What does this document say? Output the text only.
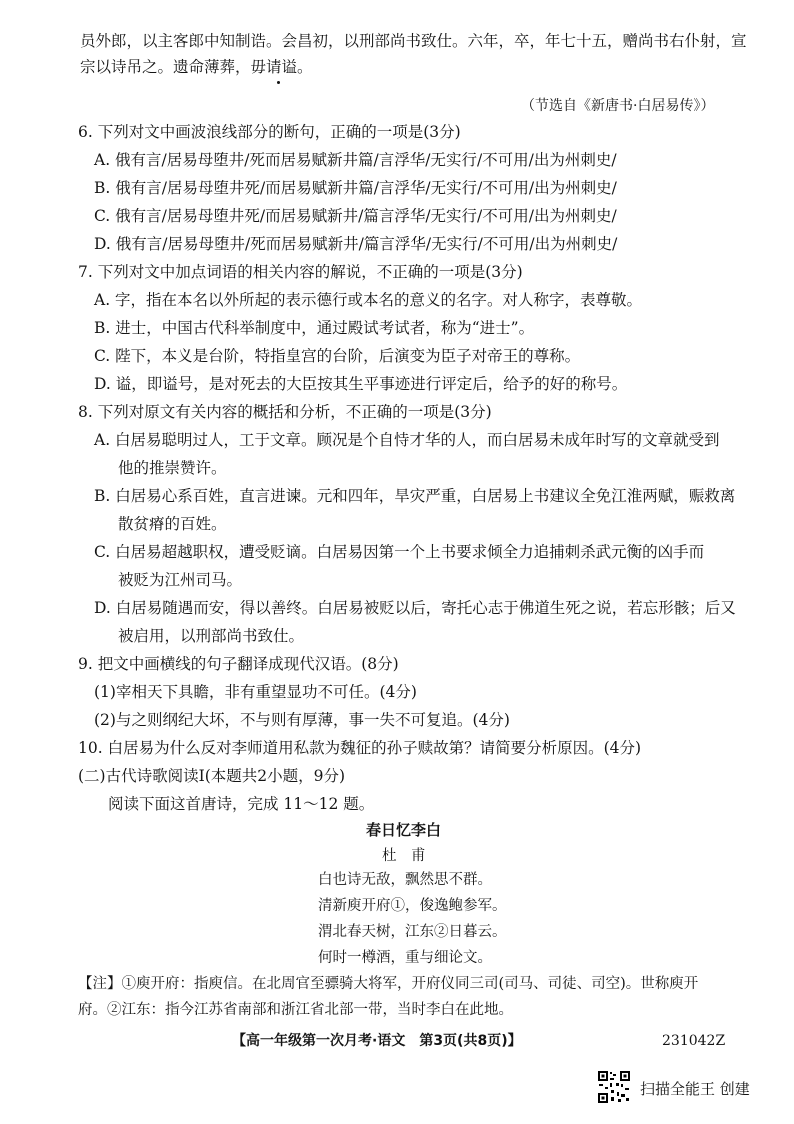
员外郎，以主客郎中知制诰。会昌初，以刑部尚书致仕。六年，卒，年七十五，赠尚书右仆射，宣
宗以诗吊之。遗命薄葬，毋请谥。
（节选自《新唐书·白居易传》）
6. 下列对文中画波浪线部分的断句，正确的一项是(3分)
A. 俄有言/居易母堕井/死而居易赋新井篇/言浮华/无实行/不可用/出为州刺史/
B. 俄有言/居易母堕井死/而居易赋新井篇/言浮华/无实行/不可用/出为州刺史/
C. 俄有言/居易母堕井死/而居易赋新井/篇言浮华/无实行/不可用/出为州刺史/
D. 俄有言/居易母堕井/死而居易赋新井/篇言浮华/无实行/不可用/出为州刺史/
7. 下列对文中加点词语的相关内容的解说，不正确的一项是(3分)
A. 字，指在本名以外所起的表示德行或本名的意义的名字。对人称字，表尊敬。
B. 进士，中国古代科举制度中，通过殿试考试者，称为“进士”。
C. 陛下，本义是台阶，特指皇宫的台阶，后演变为臣子对帝王的尊称。
D. 谥，即谥号，是对死去的大臣按其生平事迹进行评定后，给予的好的称号。
8. 下列对原文有关内容的概括和分析，不正确的一项是(3分)
A. 白居易聪明过人，工于文章。顾况是个自恃才华的人，而白居易未成年时写的文章就受到
他的推崇赞许。
B. 白居易心系百姓，直言进谏。元和四年，旱灾严重，白居易上书建议全免江淮两赋，赈救离
散贫瘠的百姓。
C. 白居易超越职权，遭受贬谪。白居易因第一个上书要求倾全力追捕刺杀武元衡的凶手而
被贬为江州司马。
D. 白居易随遇而安，得以善终。白居易被贬以后，寄托心志于佛道生死之说，若忘形骸；后又
被启用，以刑部尚书致仕。
9. 把文中画横线的句子翻译成现代汉语。(8分)
(1)宰相天下具瞻，非有重望显功不可任。(4分)
(2)与之则纲纪大坏，不与则有厚薄，事一失不可复追。(4分)
10. 白居易为什么反对李师道用私款为魏征的孙子赎故第？请简要分析原因。(4分)
(二)古代诗歌阅读Ⅰ(本题共2小题，9分)
阅读下面这首唐诗，完成 11～12 题。
春日忆李白
杜　甫
白也诗无敌，飘然思不群。
清新庾开府①，俊逸鲍参军。
渭北春天树，江东②日暮云。
何时一樽酒，重与细论文。
【注】①庾开府：指庾信。在北周官至骠骑大将军，开府仪同三司(司马、司徒、司空)。世称庾开
府。②江东：指今江苏省南部和浙江省北部一带，当时李白在此地。
【高一年级第一次月考·语文　第3页(共8页)】	231042Z
扫描全能王 创建
